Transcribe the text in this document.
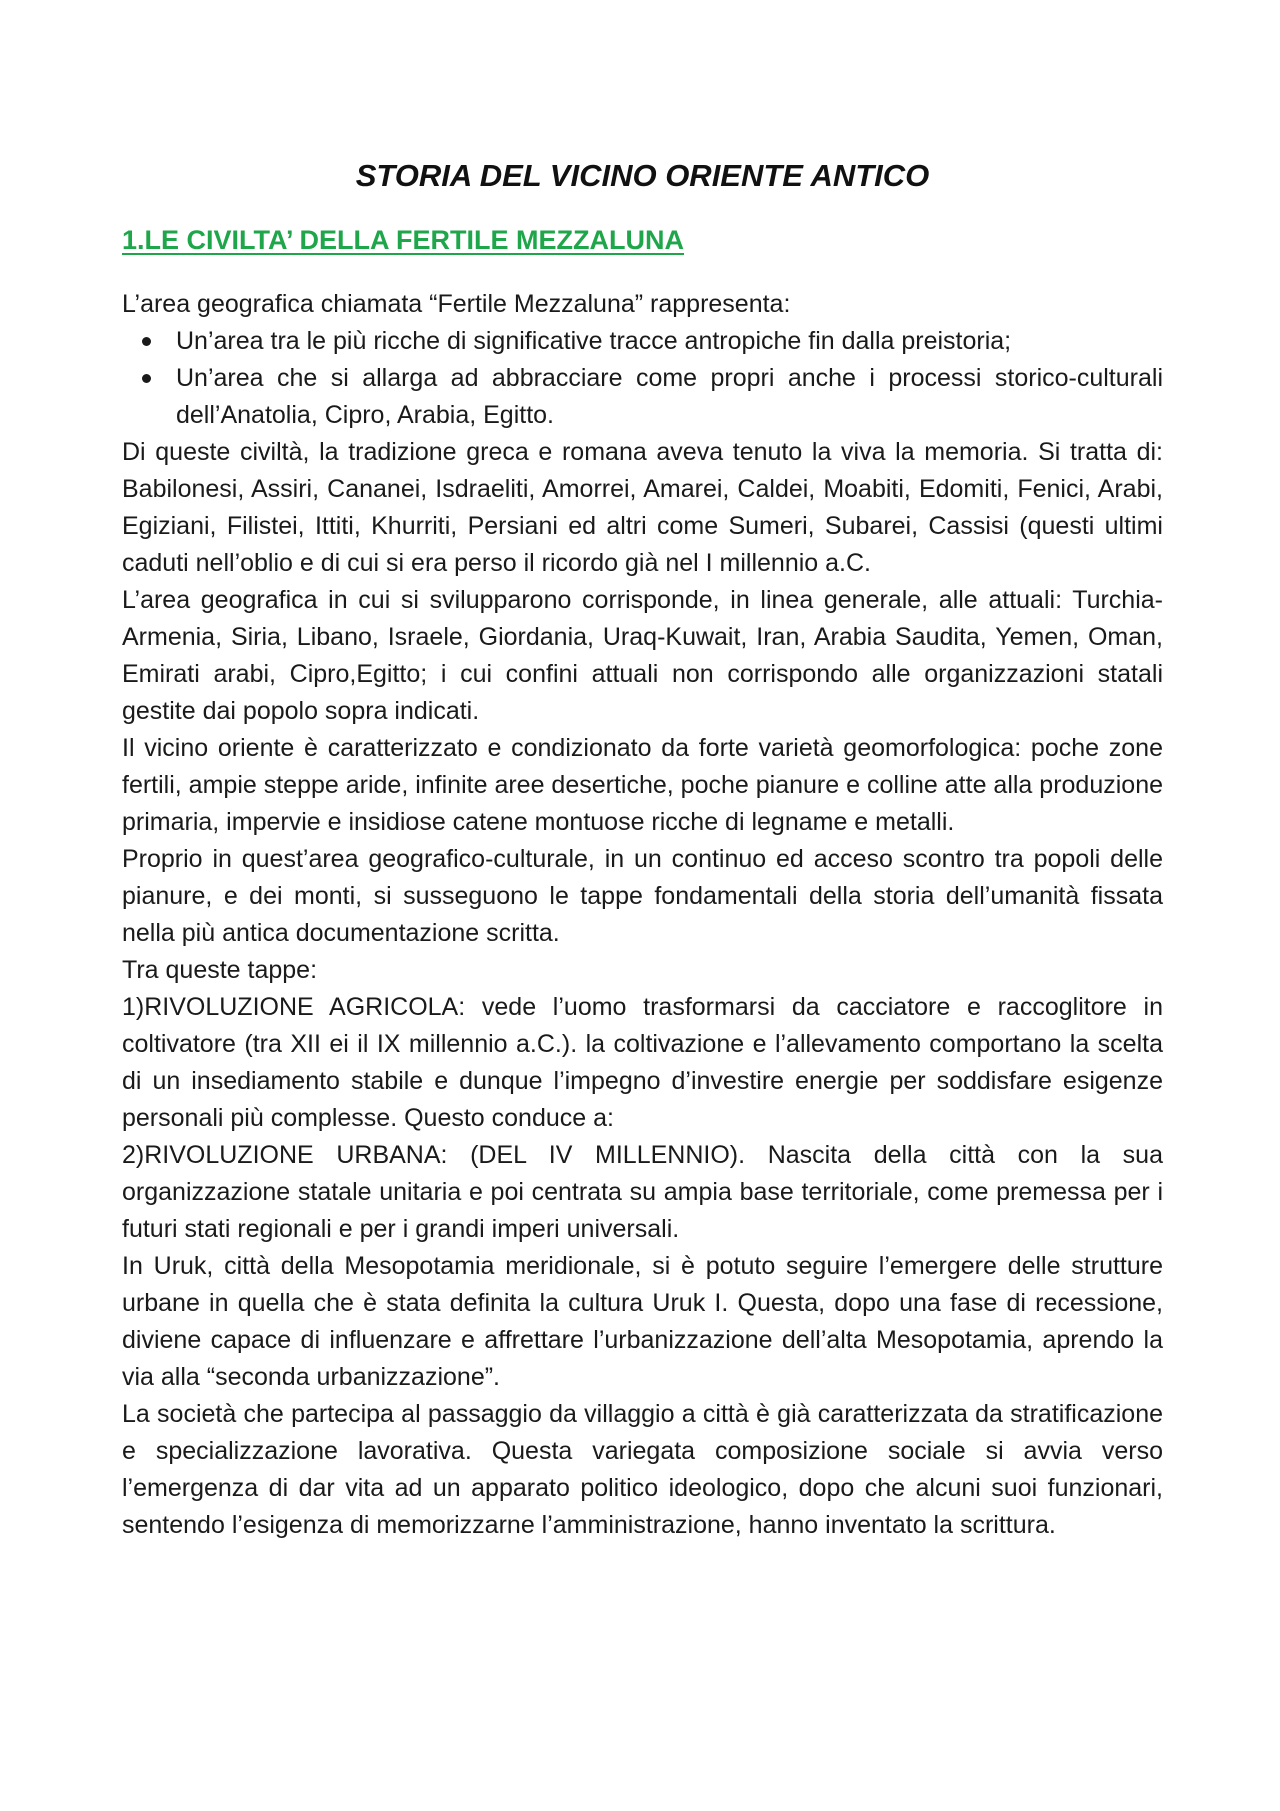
STORIA DEL VICINO ORIENTE ANTICO
1.LE CIVILTA’ DELLA FERTILE MEZZALUNA

L’area geografica chiamata “Fertile Mezzaluna” rappresenta:

Un’area tra le più ricche di significative tracce antropiche fin dalla preistoria;
Un’area che si allarga ad abbracciare come propri anche i processi storico-culturali dell’Anatolia, Cipro, Arabia, Egitto.

Di queste civiltà, la tradizione greca e romana aveva tenuto la viva la memoria. Si tratta di: Babilonesi, Assiri, Cananei, Isdraeliti, Amorrei, Amarei, Caldei, Moabiti, Edomiti, Fenici, Arabi, Egiziani, Filistei, Ittiti, Khurriti, Persiani ed altri come Sumeri, Subarei, Cassisi (questi ultimi caduti nell’oblio e di cui si era perso il ricordo già nel I millennio a.C.

L’area geografica in cui si svilupparono corrisponde, in linea generale, alle attuali: Turchia- Armenia, Siria, Libano, Israele, Giordania, Uraq-Kuwait, Iran, Arabia Saudita, Yemen, Oman, Emirati arabi, Cipro,Egitto; i cui confini attuali non corrispondo alle organizzazioni statali gestite dai popolo sopra indicati.

Il vicino oriente è caratterizzato e condizionato da forte varietà geomorfologica: poche zone fertili, ampie steppe aride, infinite aree desertiche, poche pianure e colline atte alla produzione primaria, impervie e insidiose catene montuose ricche di legname e metalli.

Proprio in quest’area geografico-culturale, in un continuo ed acceso scontro tra popoli delle pianure, e dei monti, si susseguono le tappe fondamentali della storia dell’umanità fissata nella più antica documentazione scritta.

Tra queste tappe:

1)RIVOLUZIONE AGRICOLA: vede l’uomo trasformarsi da cacciatore e raccoglitore in coltivatore (tra XII ei il IX millennio a.C.). la coltivazione e l’allevamento comportano la scelta di un insediamento stabile e dunque l’impegno d’investire energie per soddisfare esigenze personali più complesse. Questo conduce a:

2)RIVOLUZIONE URBANA: (DEL IV MILLENNIO). Nascita della città con la sua organizzazione statale unitaria e poi centrata su ampia base territoriale, come premessa per i futuri stati regionali e per i grandi imperi universali.

In Uruk, città della Mesopotamia meridionale, si è potuto seguire l’emergere delle strutture urbane in quella che è stata definita la cultura Uruk I. Questa, dopo una fase di recessione, diviene capace di influenzare e affrettare l’urbanizzazione dell’alta Mesopotamia, aprendo la via alla “seconda urbanizzazione”.

La società che partecipa al passaggio da villaggio a città è già caratterizzata da stratificazione e specializzazione lavorativa. Questa variegata composizione sociale si avvia verso l’emergenza di dar vita ad un apparato politico ideologico, dopo che alcuni suoi funzionari, sentendo l’esigenza di memorizzarne l’amministrazione, hanno inventato la scrittura.
